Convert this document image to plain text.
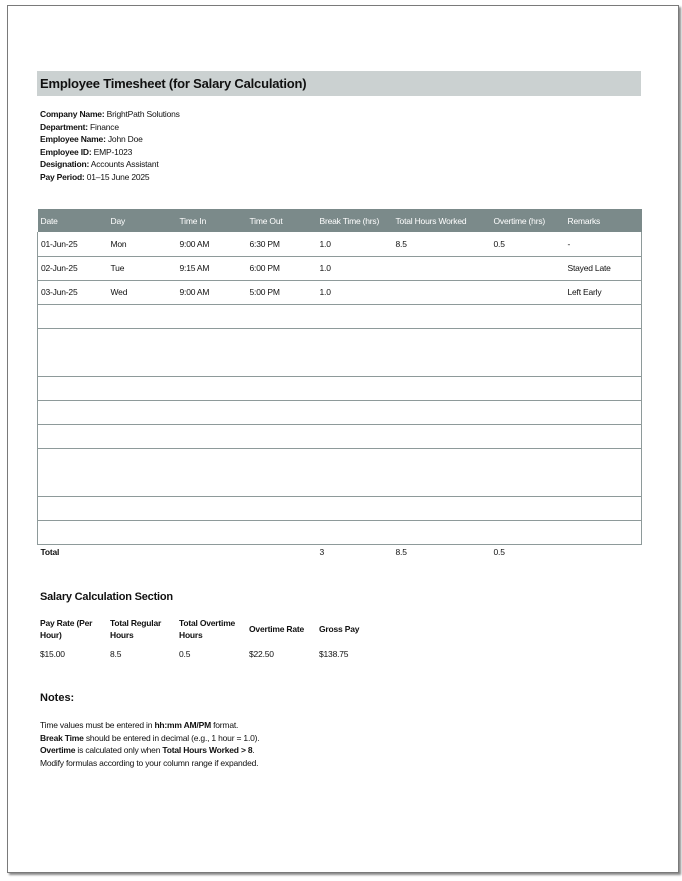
Employee Timesheet (for Salary Calculation)
Company Name: BrightPath Solutions
Department: Finance
Employee Name: John Doe
Employee ID: EMP-1023
Designation: Accounts Assistant
Pay Period: 01–15 June 2025
Date	Day	Time In	Time Out	Break Time (hrs)	Total Hours Worked	Overtime (hrs)	Remarks
01-Jun-25	Mon	9:00 AM	6:30 PM	1.0	8.5	0.5	-
02-Jun-25	Tue	9:15 AM	6:00 PM	1.0			Stayed Late
03-Jun-25	Wed	9:00 AM	5:00 PM	1.0			Left Early

Total				3	8.5	0.5	
Salary Calculation Section
Pay Rate (Per Hour)	Total Regular Hours	Total Overtime Hours	Overtime Rate	Gross Pay
$15.00	8.5	0.5	$22.50	$138.75
Notes:
Time values must be entered in hh:mm AM/PM format.
Break Time should be entered in decimal (e.g., 1 hour = 1.0).
Overtime is calculated only when Total Hours Worked > 8.
Modify formulas according to your column range if expanded.
